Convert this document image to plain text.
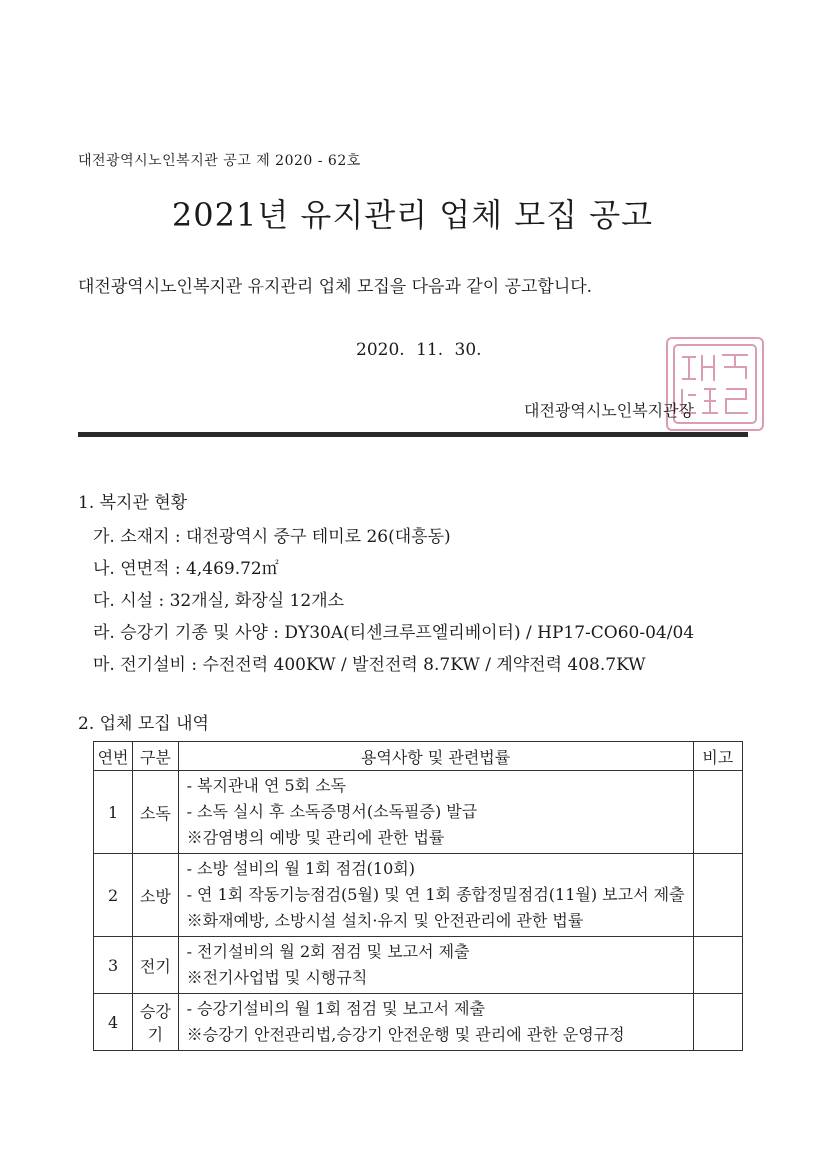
대전광역시노인복지관 공고 제 2020 - 62호
2021년 유지관리 업체 모집 공고
대전광역시노인복지관 유지관리 업체 모집을 다음과 같이 공고합니다.
2020. 11. 30.
대전광역시노인복지관장
1. 복지관 현황
가. 소재지 : 대전광역시 중구 테미로 26(대흥동)
나. 연면적 : 4,469.72㎡
다. 시설 : 32개실, 화장실 12개소
라. 승강기 기종 및 사양 : DY30A(티센크루프엘리베이터) / HP17-CO60-04/04
마. 전기설비 : 수전전력 400KW / 발전전력 8.7KW / 계약전력 408.7KW
2. 업체 모집 내역
연번	구분	용역사항 및 관련법률	비고
1	소독	- 복지관내 연 5회 소독
- 소독 실시 후 소독증명서(소독필증) 발급
※감염병의 예방 및 관리에 관한 법률	

2	소방	- 소방 설비의 월 1회 점검(10회)
- 연 1회 작동기능점검(5월) 및 연 1회 종합정밀점검(11월) 보고서 제출
※화재예방, 소방시설 설치·유지 및 안전관리에 관한 법률	

3	전기	- 전기설비의 월 2회 점검 및 보고서 제출
※전기사업법 및 시행규칙	

4	승강기	- 승강기설비의 월 1회 점검 및 보고서 제출
※승강기 안전관리법,승강기 안전운행 및 관리에 관한 운영규정	
